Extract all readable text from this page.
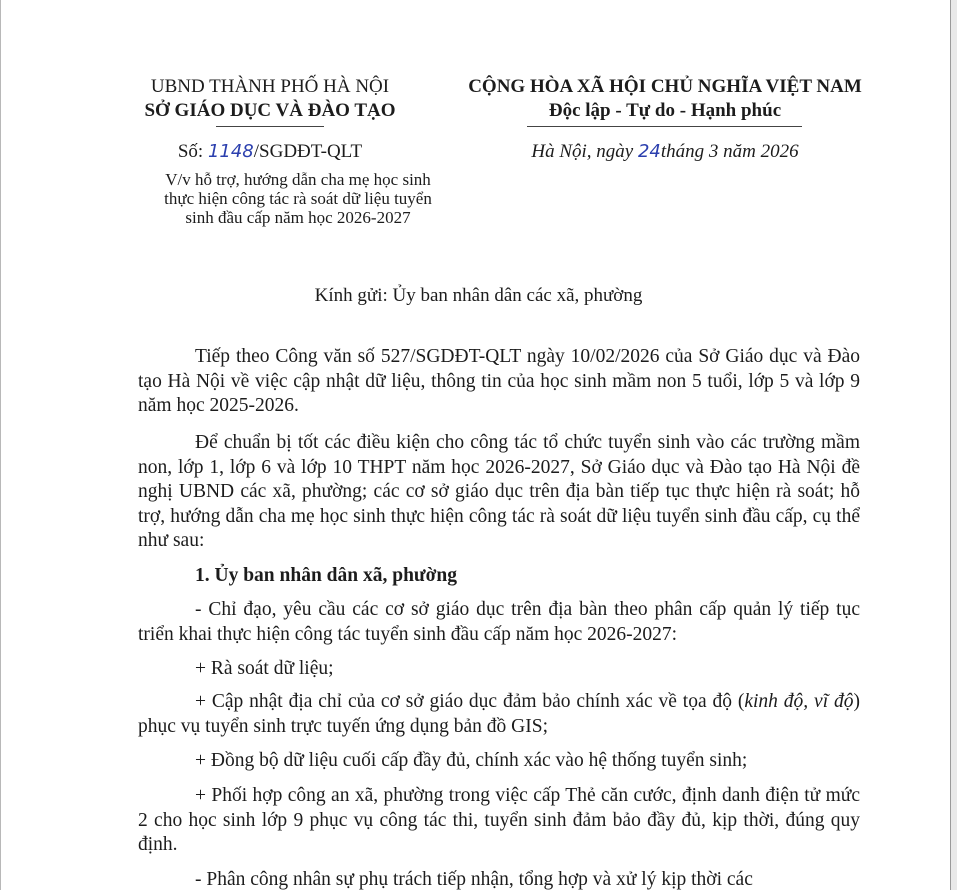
UBND THÀNH PHỐ HÀ NỘI
SỞ GIÁO DỤC VÀ ĐÀO TẠO
CỘNG HÒA XÃ HỘI CHỦ NGHĨA VIỆT NAM
Độc lập - Tự do - Hạnh phúc
Số: 1148/SGDĐT-QLT	Hà Nội, ngày 24tháng 3 năm 2026
V/v hỗ trợ, hướng dẫn cha mẹ học sinh thực hiện công tác rà soát dữ liệu tuyển sinh đầu cấp năm học 2026-2027
Kính gửi: Ủy ban nhân dân các xã, phường
Tiếp theo Công văn số 527/SGDĐT-QLT ngày 10/02/2026 của Sở Giáo dục và Đào tạo Hà Nội về việc cập nhật dữ liệu, thông tin của học sinh mầm non 5 tuổi, lớp 5 và lớp 9 năm học 2025-2026.
Để chuẩn bị tốt các điều kiện cho công tác tổ chức tuyển sinh vào các trường mầm non, lớp 1, lớp 6 và lớp 10 THPT năm học 2026-2027, Sở Giáo dục và Đào tạo Hà Nội đề nghị UBND các xã, phường; các cơ sở giáo dục trên địa bàn tiếp tục thực hiện rà soát; hỗ trợ, hướng dẫn cha mẹ học sinh thực hiện công tác rà soát dữ liệu tuyển sinh đầu cấp, cụ thể như sau:
1. Ủy ban nhân dân xã, phường
- Chỉ đạo, yêu cầu các cơ sở giáo dục trên địa bàn theo phân cấp quản lý tiếp tục triển khai thực hiện công tác tuyển sinh đầu cấp năm học 2026-2027:
+ Rà soát dữ liệu;
+ Cập nhật địa chỉ của cơ sở giáo dục đảm bảo chính xác về tọa độ (kinh độ, vĩ độ) phục vụ tuyển sinh trực tuyến ứng dụng bản đồ GIS;
+ Đồng bộ dữ liệu cuối cấp đầy đủ, chính xác vào hệ thống tuyển sinh;
+ Phối hợp công an xã, phường trong việc cấp Thẻ căn cước, định danh điện tử mức 2 cho học sinh lớp 9 phục vụ công tác thi, tuyển sinh đảm bảo đầy đủ, kịp thời, đúng quy định.
- Phân công nhân sự phụ trách tiếp nhận, tổng hợp và xử lý kịp thời các
